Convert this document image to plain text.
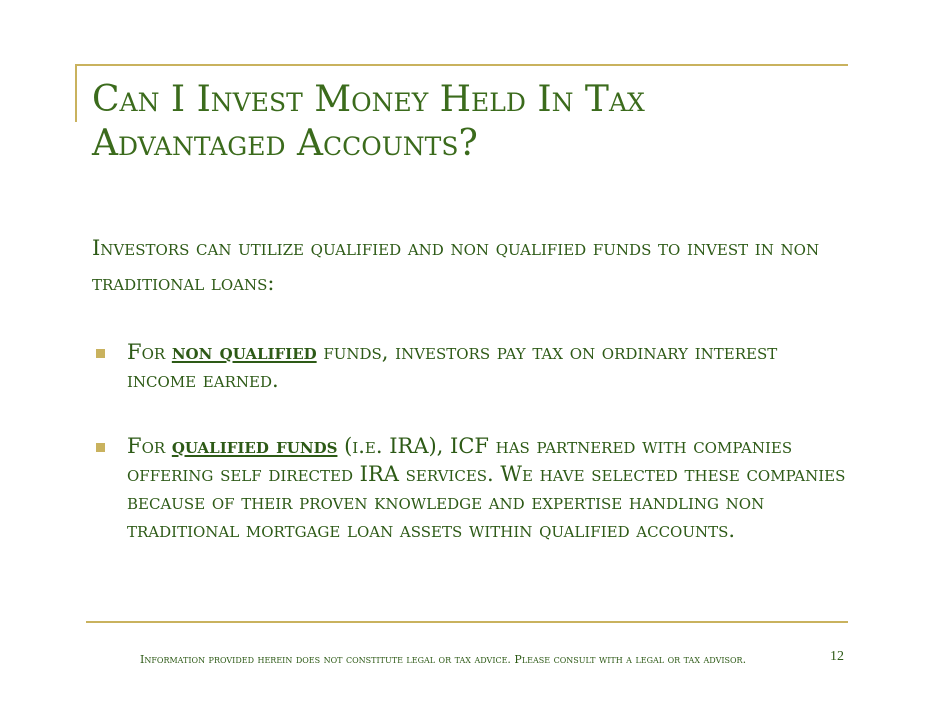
Can I Invest Money Held In Tax Advantaged Accounts?
Investors can utilize qualified and non qualified funds to invest in non traditional loans:
For non qualified funds, investors pay tax on ordinary interest income earned.
For qualified funds (i.e. IRA), ICF has partnered with companies offering self directed IRA services. We have selected these companies because of their proven knowledge and expertise handling non traditional mortgage loan assets within qualified accounts.
Information provided herein does not constitute legal or tax advice. Please consult with a legal or tax advisor.	12
